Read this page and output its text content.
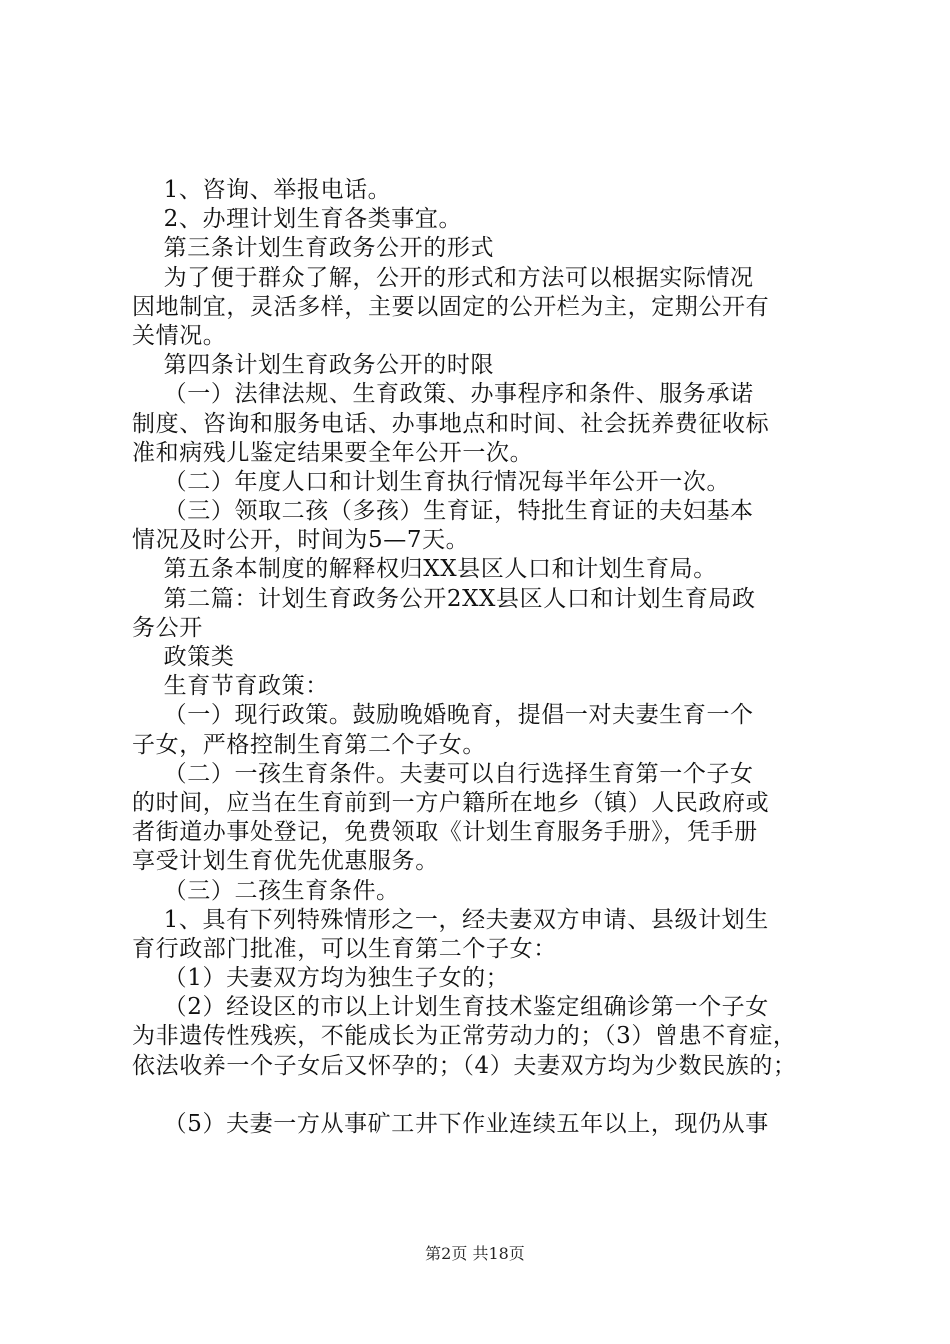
1、咨询、举报电话。
2、办理计划生育各类事宜。
第三条计划生育政务公开的形式
为了便于群众了解，公开的形式和方法可以根据实际情况
因地制宜，灵活多样，主要以固定的公开栏为主，定期公开有
关情况。
第四条计划生育政务公开的时限
（一）法律法规、生育政策、办事程序和条件、服务承诺
制度、咨询和服务电话、办事地点和时间、社会抚养费征收标
准和病残儿鉴定结果要全年公开一次。
（二）年度人口和计划生育执行情况每半年公开一次。
（三）领取二孩（多孩）生育证，特批生育证的夫妇基本
情况及时公开，时间为5—7天。
第五条本制度的解释权归XX县区人口和计划生育局。
第二篇：计划生育政务公开2XX县区人口和计划生育局政
务公开
政策类
生育节育政策：
（一）现行政策。鼓励晚婚晚育，提倡一对夫妻生育一个
子女，严格控制生育第二个子女。
（二）一孩生育条件。夫妻可以自行选择生育第一个子女
的时间，应当在生育前到一方户籍所在地乡（镇）人民政府或
者街道办事处登记，免费领取《计划生育服务手册》，凭手册
享受计划生育优先优惠服务。
（三）二孩生育条件。
1、具有下列特殊情形之一，经夫妻双方申请、县级计划生
育行政部门批准，可以生育第二个子女：
（1）夫妻双方均为独生子女的；
（2）经设区的市以上计划生育技术鉴定组确诊第一个子女
为非遗传性残疾，不能成长为正常劳动力的；（3）曾患不育症，
依法收养一个子女后又怀孕的；（4）夫妻双方均为少数民族的；
（5）夫妻一方从事矿工井下作业连续五年以上，现仍从事
第2页 共18页
